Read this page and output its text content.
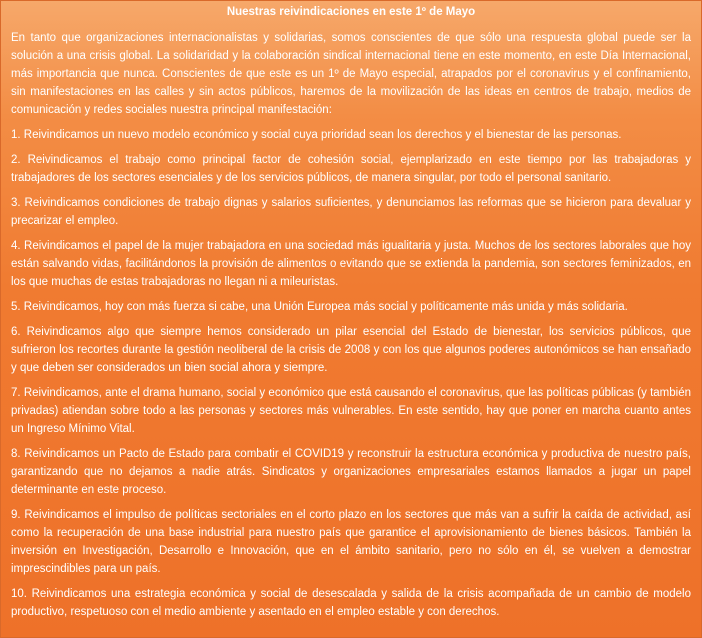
Nuestras reivindicaciones en este 1º de Mayo

En tanto que organizaciones internacionalistas y solidarias, somos conscientes de que sólo una respuesta global puede ser la solución a una crisis global. La solidaridad y la colaboración sindical internacional tiene en este momento, en este Día Internacional, más importancia que nunca. Conscientes de que este es un 1º de Mayo especial, atrapados por el coronavirus y el confinamiento, sin manifestaciones en las calles y sin actos públicos, haremos de la movilización de las ideas en centros de trabajo, medios de comunicación y redes sociales nuestra principal manifestación:

1. Reivindicamos un nuevo modelo económico y social cuya prioridad sean los derechos y el bienestar de las personas.

2. Reivindicamos el trabajo como principal factor de cohesión social, ejemplarizado en este tiempo por las trabajadoras y trabajadores de los sectores esenciales y de los servicios públicos, de manera singular, por todo el personal sanitario.

3. Reivindicamos condiciones de trabajo dignas y salarios suficientes, y denunciamos las reformas que se hicieron para devaluar y precarizar el empleo.

4. Reivindicamos el papel de la mujer trabajadora en una sociedad más igualitaria y justa. Muchos de los sectores laborales que hoy están salvando vidas, facilitándonos la provisión de alimentos o evitando que se extienda la pandemia, son sectores feminizados, en los que muchas de estas trabajadoras no llegan ni a mileuristas.

5. Reivindicamos, hoy con más fuerza si cabe, una Unión Europea más social y políticamente más unida y más solidaria.

6. Reivindicamos algo que siempre hemos considerado un pilar esencial del Estado de bienestar, los servicios públicos, que sufrieron los recortes durante la gestión neoliberal de la crisis de 2008 y con los que algunos poderes autonómicos se han ensañado y que deben ser considerados un bien social ahora y siempre.

7. Reivindicamos, ante el drama humano, social y económico que está causando el coronavirus, que las políticas públicas (y también privadas) atiendan sobre todo a las personas y sectores más vulnerables. En este sentido, hay que poner en marcha cuanto antes un Ingreso Mínimo Vital.

8. Reivindicamos un Pacto de Estado para combatir el COVID19 y reconstruir la estructura económica y productiva de nuestro país, garantizando que no dejamos a nadie atrás. Sindicatos y organizaciones empresariales estamos llamados a jugar un papel determinante en este proceso.

9. Reivindicamos el impulso de políticas sectoriales en el corto plazo en los sectores que más van a sufrir la caída de actividad, así como la recuperación de una base industrial para nuestro país que garantice el aprovisionamiento de bienes básicos. También la inversión en Investigación, Desarrollo e Innovación, que en el ámbito sanitario, pero no sólo en él, se vuelven a demostrar imprescindibles para un país.

10. Reivindicamos una estrategia económica y social de desescalada y salida de la crisis acompañada de un cambio de modelo productivo, respetuoso con el medio ambiente y asentado en el empleo estable y con derechos.
